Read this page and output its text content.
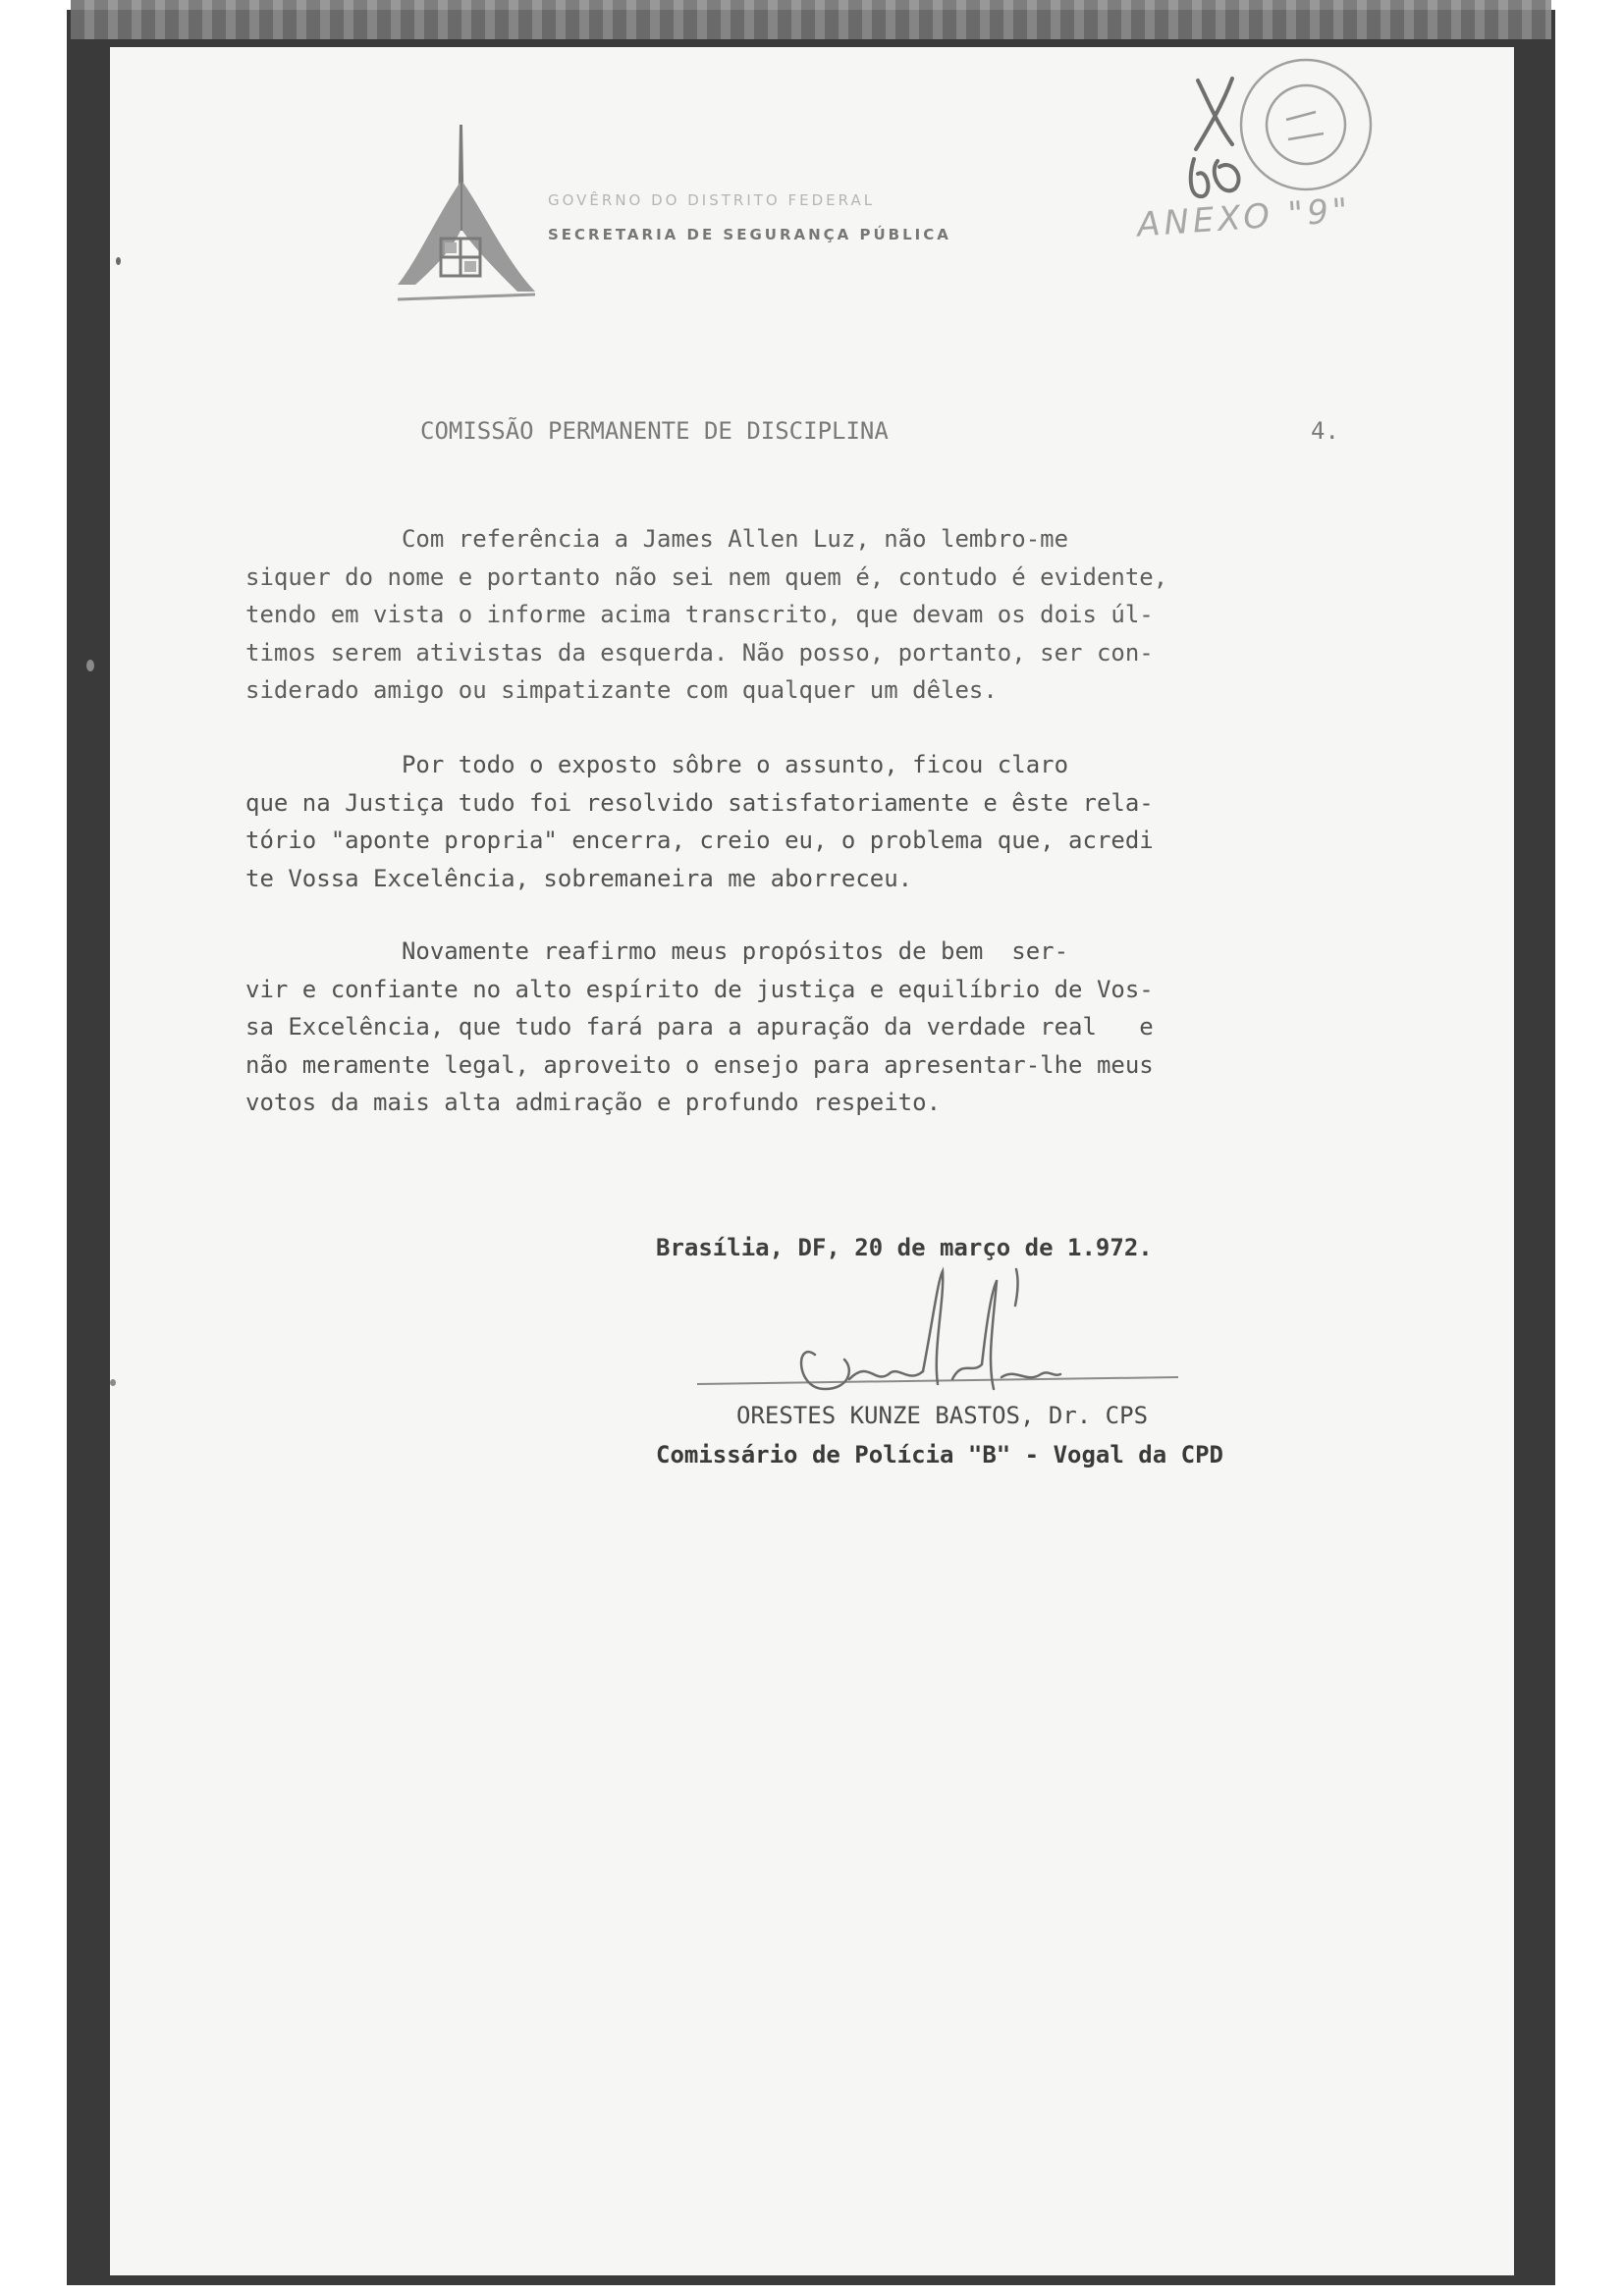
GOVÊRNO DO DISTRITO FEDERAL
SECRETARIA DE SEGURANÇA PÚBLICA	ANEXO "9"
COMISSÃO PERMANENTE DE DISCIPLINA	4.
Com referência a James Allen Luz, não lembro-me
siquer do nome e portanto não sei nem quem é, contudo é evidente,
tendo em vista o informe acima transcrito, que devam os dois úl-
timos serem ativistas da esquerda. Não posso, portanto, ser con-
siderado amigo ou simpatizante com qualquer um dêles.
Por todo o exposto sôbre o assunto, ficou claro
que na Justiça tudo foi resolvido satisfatoriamente e êste rela-
tório "aponte propria" encerra, creio eu, o problema que, acredi
te Vossa Excelência, sobremaneira me aborreceu.
Novamente reafirmo meus propósitos de bem  ser-
vir e confiante no alto espírito de justiça e equilíbrio de Vos-
sa Excelência, que tudo fará para a apuração da verdade real   e
não meramente legal, aproveito o ensejo para apresentar-lhe meus
votos da mais alta admiração e profundo respeito.
Brasília, DF, 20 de março de 1.972.
ORESTES KUNZE BASTOS, Dr. CPS
Comissário de Polícia "B" - Vogal da CPD
